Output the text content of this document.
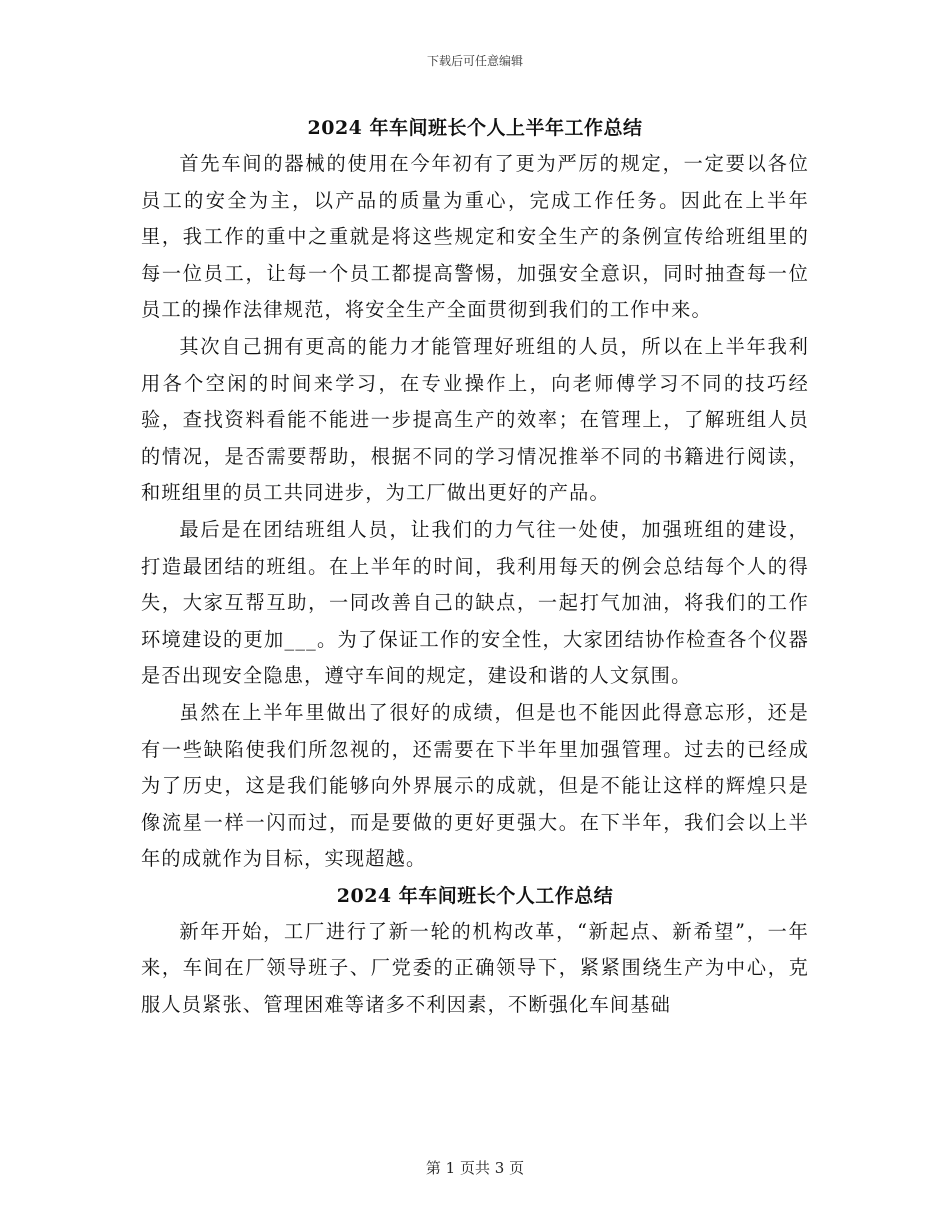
下载后可任意编辑
2024 年车间班长个人上半年工作总结

首先车间的器械的使用在今年初有了更为严厉的规定，一定要以各位员工的安全为主，以产品的质量为重心，完成工作任务。因此在上半年里，我工作的重中之重就是将这些规定和安全生产的条例宣传给班组里的每一位员工，让每一个员工都提高警惕，加强安全意识，同时抽查每一位员工的操作法律规范，将安全生产全面贯彻到我们的工作中来。

其次自己拥有更高的能力才能管理好班组的人员，所以在上半年我利用各个空闲的时间来学习，在专业操作上，向老师傅学习不同的技巧经验，查找资料看能不能进一步提高生产的效率；在管理上，了解班组人员的情况，是否需要帮助，根据不同的学习情况推举不同的书籍进行阅读，和班组里的员工共同进步，为工厂做出更好的产品。

最后是在团结班组人员，让我们的力气往一处使，加强班组的建设，打造最团结的班组。在上半年的时间，我利用每天的例会总结每个人的得失，大家互帮互助，一同改善自己的缺点，一起打气加油，将我们的工作环境建设的更加___。为了保证工作的安全性，大家团结协作检查各个仪器是否出现安全隐患，遵守车间的规定，建设和谐的人文氛围。

虽然在上半年里做出了很好的成绩，但是也不能因此得意忘形，还是有一些缺陷使我们所忽视的，还需要在下半年里加强管理。过去的已经成为了历史，这是我们能够向外界展示的成就，但是不能让这样的辉煌只是像流星一样一闪而过，而是要做的更好更强大。在下半年，我们会以上半年的成就作为目标，实现超越。

2024 年车间班长个人工作总结

新年开始，工厂进行了新一轮的机构改革，“新起点、新希望”，一年来，车间在厂领导班子、厂党委的正确领导下，紧紧围绕生产为中心，克服人员紧张、管理困难等诸多不利因素，不断强化车间基础

第 1 页共 3 页
